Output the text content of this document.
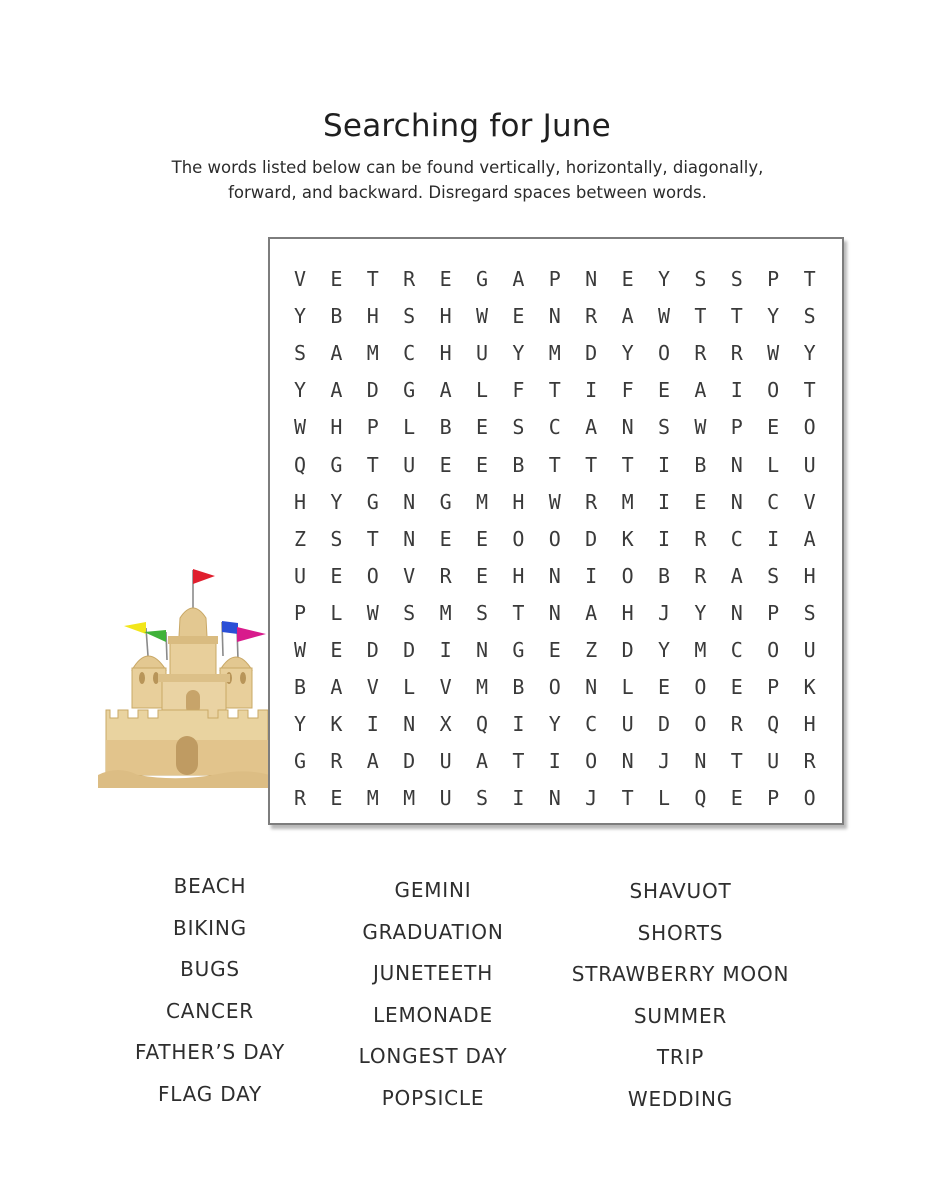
Searching for June
The words listed below can be found vertically, horizontally, diagonally,
forward, and backward. Disregard spaces between words.
V	E	T	R	E	G	A	P	N	E	Y	S	S	P	T
Y	B	H	S	H	W	E	N	R	A	W	T	T	Y	S
S	A	M	C	H	U	Y	M	D	Y	O	R	R	W	Y
Y	A	D	G	A	L	F	T	I	F	E	A	I	O	T
W	H	P	L	B	E	S	C	A	N	S	W	P	E	O
Q	G	T	U	E	E	B	T	T	T	I	B	N	L	U
H	Y	G	N	G	M	H	W	R	M	I	E	N	C	V
Z	S	T	N	E	E	O	O	D	K	I	R	C	I	A
U	E	O	V	R	E	H	N	I	O	B	R	A	S	H
P	L	W	S	M	S	T	N	A	H	J	Y	N	P	S
W	E	D	D	I	N	G	E	Z	D	Y	M	C	O	U
B	A	V	L	V	M	B	O	N	L	E	O	E	P	K
Y	K	I	N	X	Q	I	Y	C	U	D	O	R	Q	H
G	R	A	D	U	A	T	I	O	N	J	N	T	U	R
R	E	M	M	U	S	I	N	J	T	L	Q	E	P	O
BEACH
BIKING
BUGS
CANCER
FATHER’S DAY
FLAG DAY
GEMINI
GRADUATION
JUNETEETH
LEMONADE
LONGEST DAY
POPSICLE
SHAVUOT
SHORTS
STRAWBERRY MOON
SUMMER
TRIP
WEDDING
